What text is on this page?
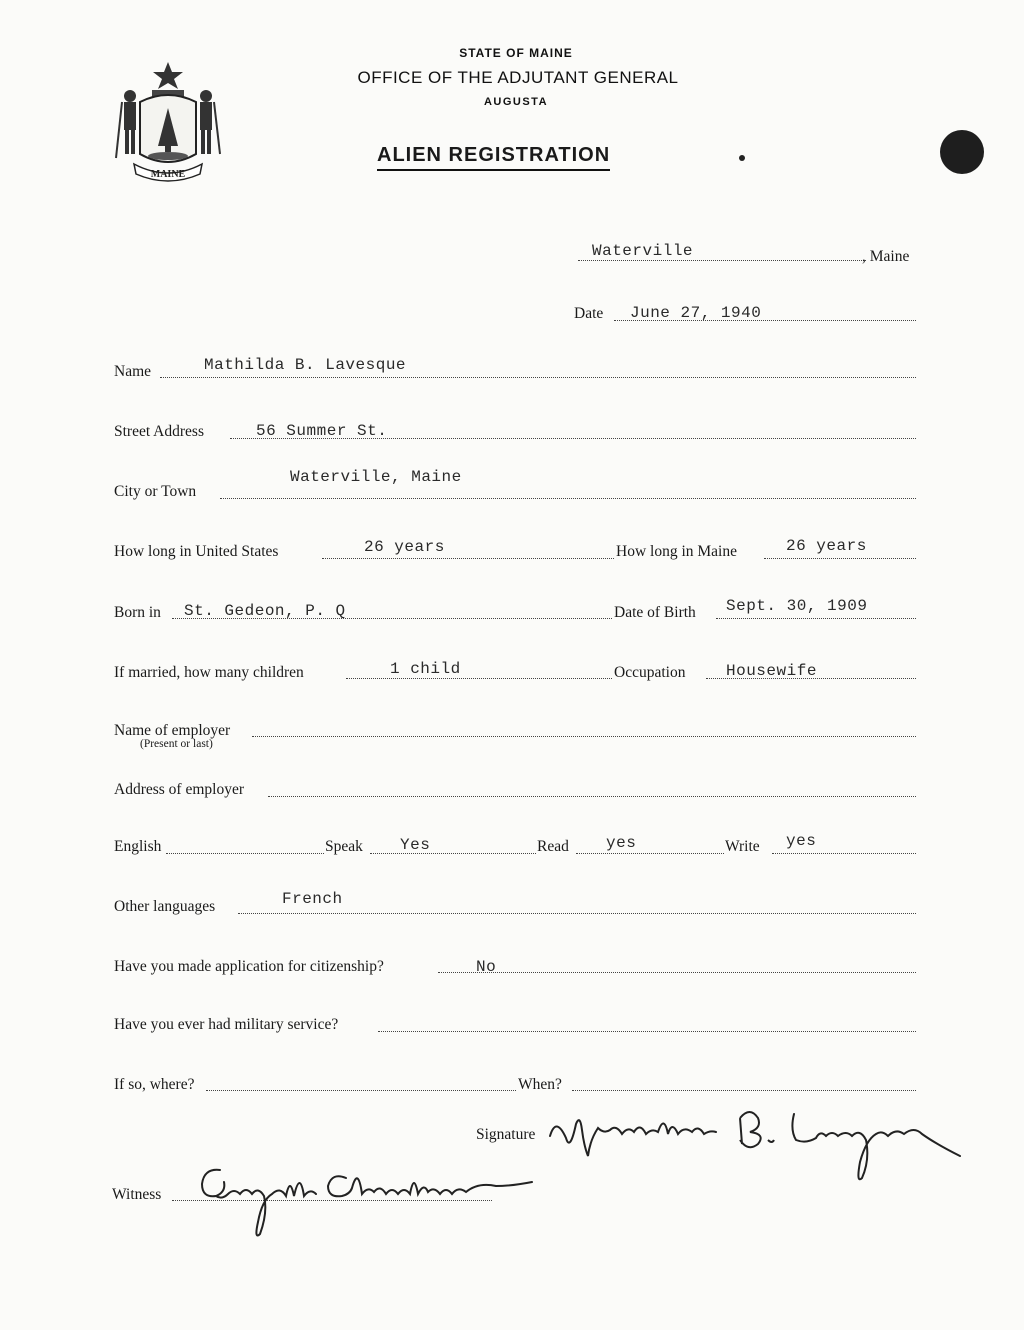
MAINE
STATE OF MAINE
OFFICE OF THE ADJUTANT GENERAL
AUGUSTA
ALIEN REGISTRATION
Waterville	, Maine
Date June 27, 1940
Name	Mathilda B. Lavesque
Street Address	56 Summer St.
City or Town
Waterville, Maine
How long in United States	26 years	How long in Maine	26 years
Born in St. Gedeon, P. Q	Date of Birth Sept. 30, 1909
If married, how many children	1 child	Occupation	Housewife
Name of employer
(Present or last)
Address of employer
English	Speak Yes	Read yes	Write yes
Other languages	French
Have you made application for citizenship?	No
Have you ever had military service?
If so, where?	When?
Signature
Witness
